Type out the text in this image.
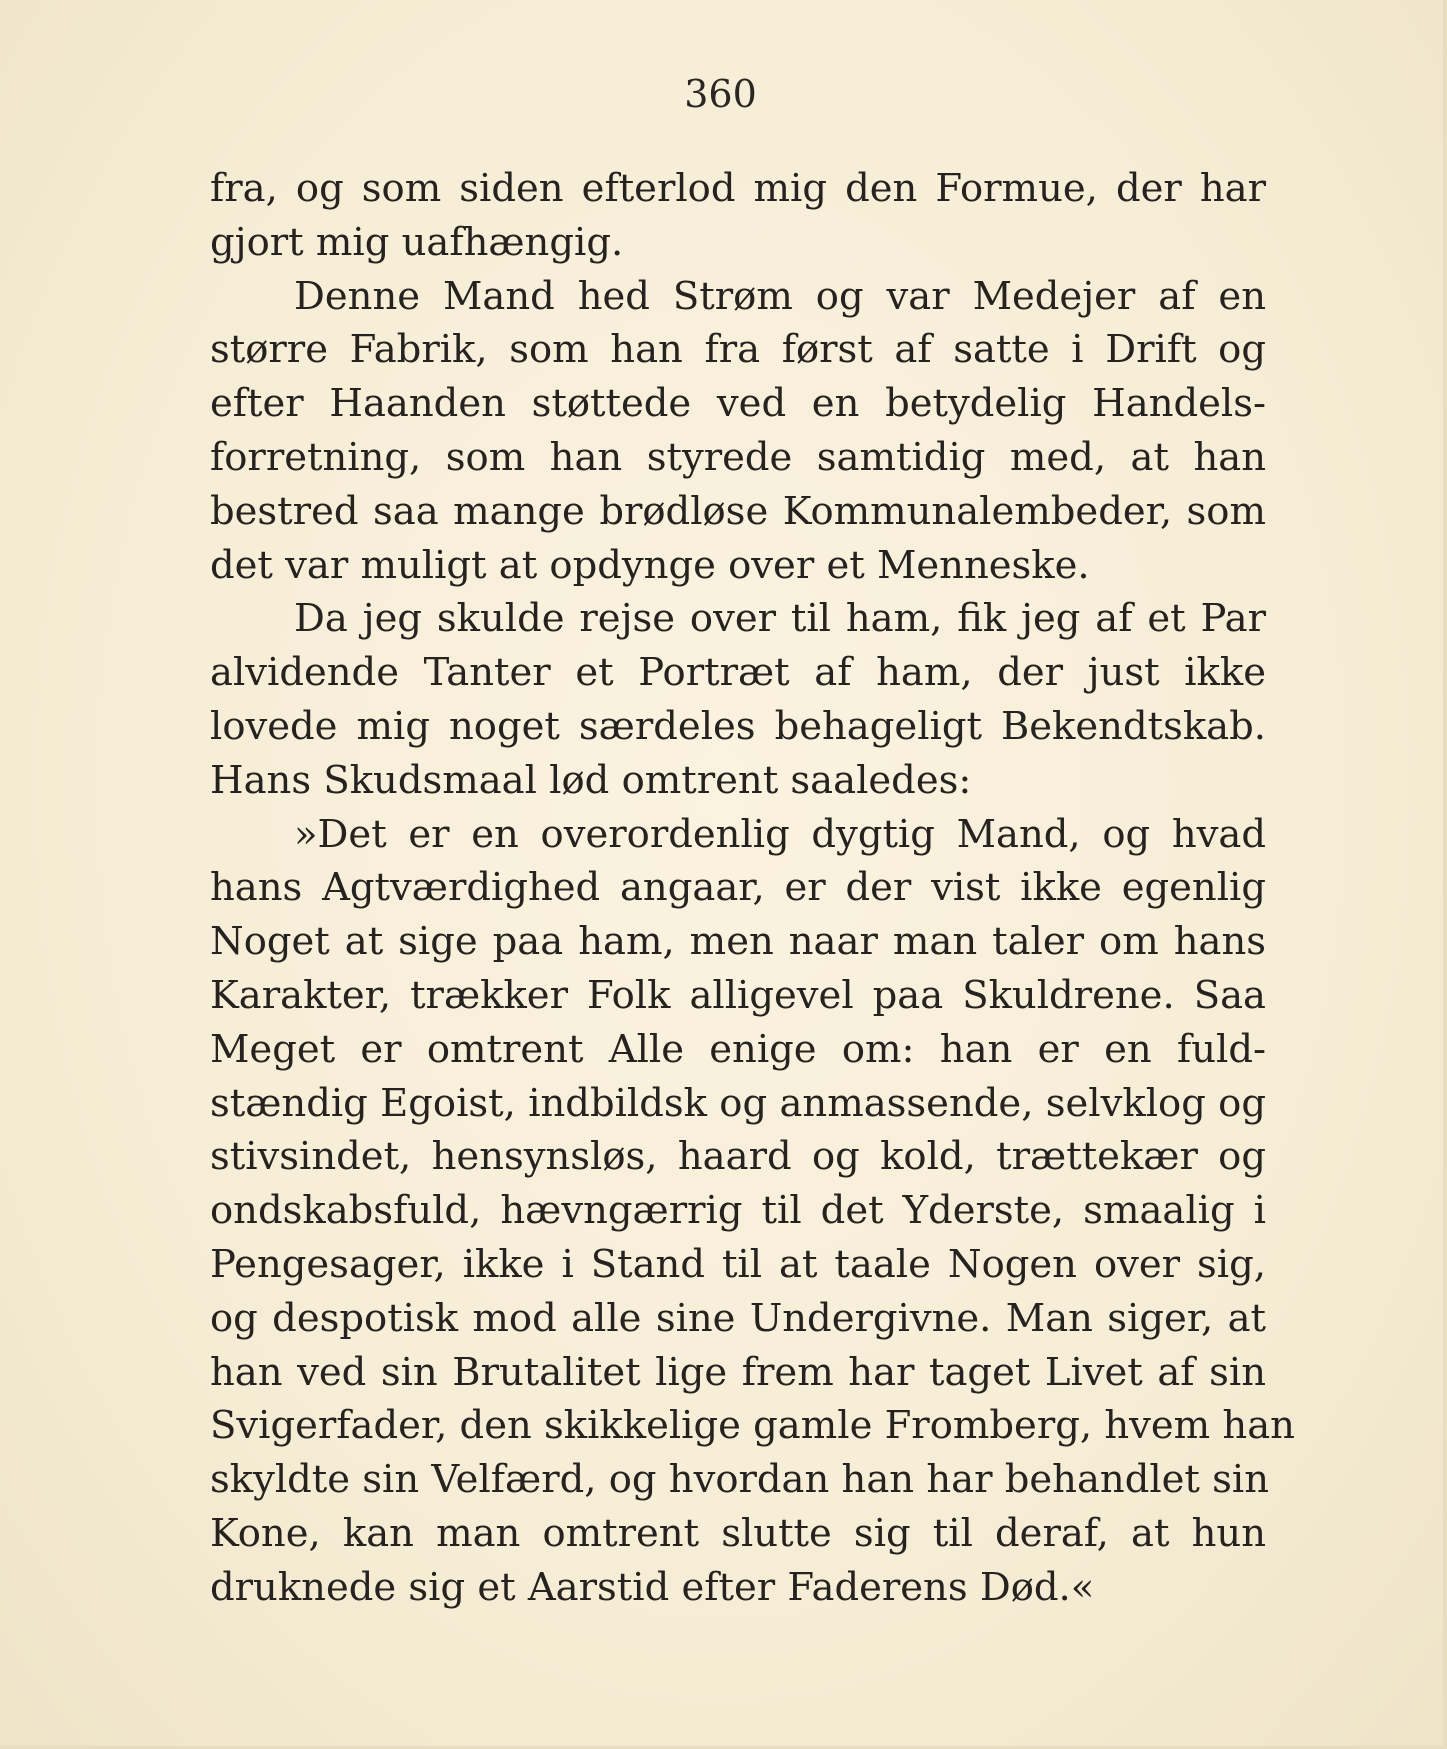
360
fra, og som siden efterlod mig den Formue, der har
gjort mig uafhængig.
Denne Mand hed Strøm og var Medejer af en
større Fabrik, som han fra først af satte i Drift og
efter Haanden støttede ved en betydelig Handels-
forretning, som han styrede samtidig med, at han
bestred saa mange brødløse Kommunalembeder, som
det var muligt at opdynge over et Menneske.
Da jeg skulde rejse over til ham, fik jeg af et Par
alvidende Tanter et Portræt af ham, der just ikke
lovede mig noget særdeles behageligt Bekendtskab.
Hans Skudsmaal lød omtrent saaledes:
»Det er en overordenlig dygtig Mand, og hvad
hans Agtværdighed angaar, er der vist ikke egenlig
Noget at sige paa ham, men naar man taler om hans
Karakter, trækker Folk alligevel paa Skuldrene. Saa
Meget er omtrent Alle enige om: han er en fuld-
stændig Egoist, indbildsk og anmassende, selvklog og
stivsindet, hensynsløs, haard og kold, trættekær og
ondskabsfuld, hævngærrig til det Yderste, smaalig i
Pengesager, ikke i Stand til at taale Nogen over sig,
og despotisk mod alle sine Undergivne. Man siger, at
han ved sin Brutalitet lige frem har taget Livet af sin
Svigerfader, den skikkelige gamle Fromberg, hvem han
skyldte sin Velfærd, og hvordan han har behandlet sin
Kone, kan man omtrent slutte sig til deraf, at hun
druknede sig et Aarstid efter Faderens Død.«
